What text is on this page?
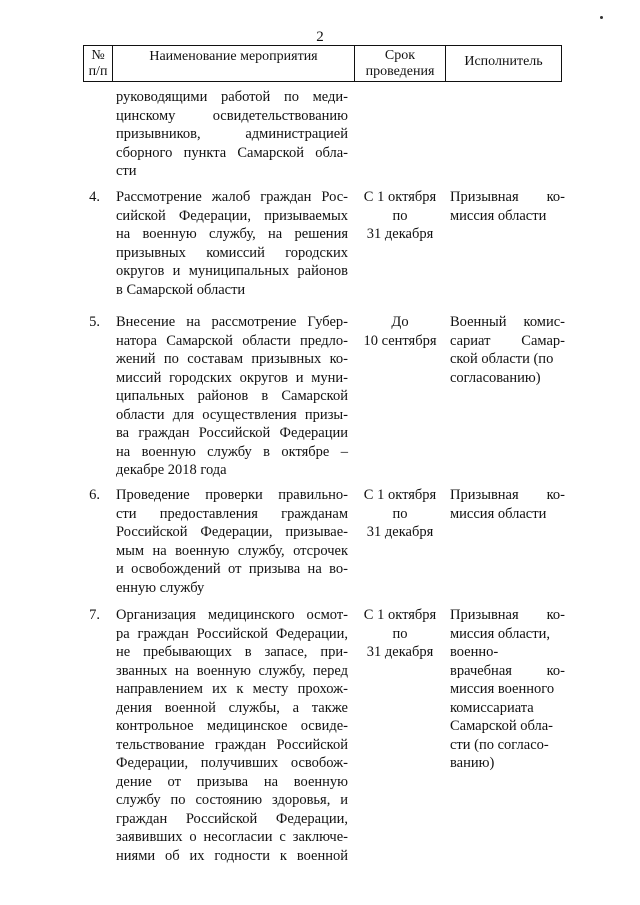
2
№
п/п
Наименование мероприятия	Срок
проведения
Исполнитель
руководящими работой по меди-
цинскому освидетельствованию
призывников, администрацией
сборного пункта Самарской обла-
сти
4. Рассмотрение жалоб граждан Рос-
сийской Федерации, призываемых
на военную службу, на решения
призывных комиссий городских
округов и муниципальных районов
в Самарской области
С 1 октября
по
31 декабря
Призывная ко-
миссия области
5. Внесение на рассмотрение Губер-
натора Самарской области предло-
жений по составам призывных ко-
миссий городских округов и муни-
ципальных районов в Самарской
области для осуществления призы-
ва граждан Российской Федерации
на военную службу в октябре –
декабре 2018 года
До
10 сентября
Военный комис-
сариат Самар-
ской области (по
согласованию)
6. Проведение проверки правильно-
сти предоставления гражданам
Российской Федерации, призывае-
мым на военную службу, отсрочек
и освобождений от призыва на во-
енную службу
С 1 октября
по
31 декабря
Призывная ко-
миссия области
7. Организация медицинского осмот-
ра граждан Российской Федерации,
не пребывающих в запасе, при-
званных на военную службу, перед
направлением их к месту прохож-
дения военной службы, а также
контрольное медицинское освиде-
тельствование граждан Российской
Федерации, получивших освобож-
дение от призыва на военную
службу по состоянию здоровья, и
граждан Российской Федерации,
заявивших о несогласии с заключе-
ниями об их годности к военной
С 1 октября
по
31 декабря
Призывная ко-
миссия области,
военно-
врачебная ко-
миссия военного
комиссариата
Самарской обла-
сти (по согласо-
ванию)
